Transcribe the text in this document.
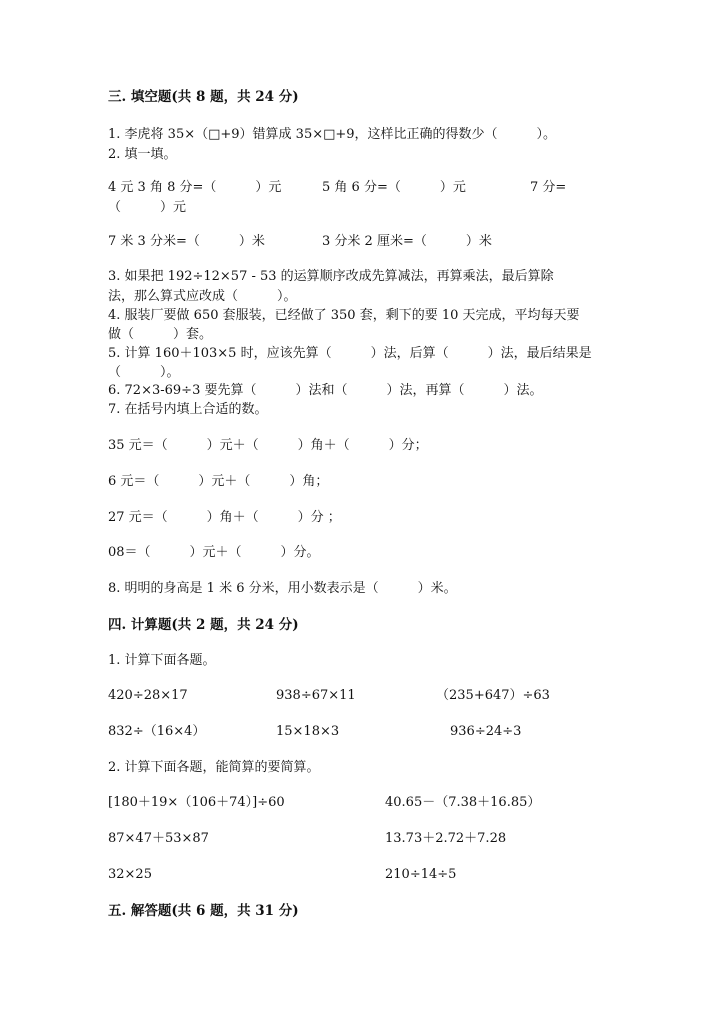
三. 填空题(共 8 题，共 24 分)
1. 李虎将 35×（□+9）错算成 35×□+9，这样比正确的得数少（　　　）。
2. 填一填。
4 元 3 角 8 分=（　　　）元	5 角 6 分=（　　　）元	7 分=
（　　　）元
7 米 3 分米=（　　　）米	3 分米 2 厘米=（　　　）米
3. 如果把 192÷12×57 - 53 的运算顺序改成先算减法，再算乘法，最后算除
法，那么算式应改成（　　　）。
4. 服装厂要做 650 套服装，已经做了 350 套，剩下的要 10 天完成，平均每天要
做（　　　）套。
5. 计算 160＋103×5 时，应该先算（　　　）法，后算（　　　）法，最后结果是
（　　　）。
6. 72×3-69÷3 要先算（　　　）法和（　　　）法，再算（　　　）法。
7. 在括号内填上合适的数。
35 元＝（　　　）元＋（　　　）角＋（　　　）分；
6 元＝（　　　）元＋（　　　）角；
27 元＝（　　　）角＋（　　　）分 ；
08＝（　　　）元＋（　　　）分。
8. 明明的身高是 1 米 6 分米，用小数表示是（　　　）米。
四. 计算题(共 2 题，共 24 分)
1. 计算下面各题。
420÷28×17	938÷67×11	（235+647）÷63
832÷（16×4）	15×18×3	936÷24÷3
2. 计算下面各题，能简算的要简算。
[180＋19×（106＋74）]÷60	40.65－（7.38＋16.85）
87×47＋53×87	13.73＋2.72＋7.28
32×25	210÷14÷5
五. 解答题(共 6 题，共 31 分)
